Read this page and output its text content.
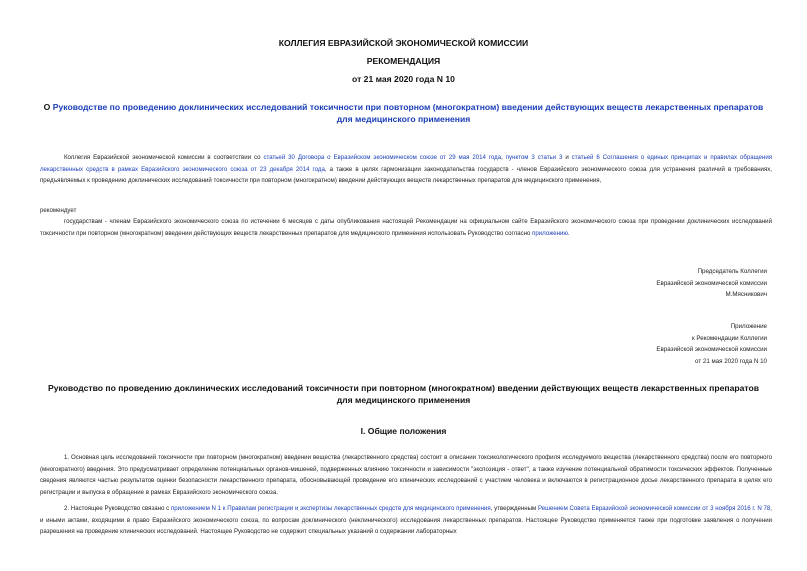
КОЛЛЕГИЯ ЕВРАЗИЙСКОЙ ЭКОНОМИЧЕСКОЙ КОМИССИИ
РЕКОМЕНДАЦИЯ
от 21 мая 2020 года N 10
О Руководстве по проведению доклинических исследований токсичности при повторном (многократном) введении действующих веществ лекарственных препаратов для медицинского применения
Коллегия Евразийской экономической комиссии в соответствии со статьей 30 Договора о Евразийском экономическом союзе от 29 мая 2014 года, пунктом 3 статьи 3 и статьей 6 Соглашения о единых принципах и правилах обращения лекарственных средств в рамках Евразийского экономического союза от 23 декабря 2014 года, а также в целях гармонизации законодательства государств - членов Евразийского экономического союза для устранения различий в требованиях, предъявляемых к проведению доклинических исследований токсичности при повторном (многократном) введении действующих веществ лекарственных препаратов для медицинского применения,
рекомендует
государствам - членам Евразийского экономического союза по истечении 6 месяцев с даты опубликования настоящей Рекомендации на официальном сайте Евразийского экономического союза при проведении доклинических исследований токсичности при повторном (многократном) введении действующих веществ лекарственных препаратов для медицинского применения использовать Руководство согласно приложению.
Председатель Коллегии
Евразийской экономической комиссии
М.Мясникович
Приложение
к Рекомендации Коллегии
Евразийской экономической комиссии
от 21 мая 2020 года N 10
Руководство по проведению доклинических исследований токсичности при повторном (многократном) введении действующих веществ лекарственных препаратов для медицинского применения
I. Общие положения
1. Основная цель исследований токсичности при повторном (многократном) введении вещества (лекарственного средства) состоит в описании токсикологического профиля исследуемого вещества (лекарственного средства) после его повторного (многократного) введения. Это предусматривает определение потенциальных органов-мишеней, подверженных влиянию токсичности и зависимости "экспозиция - ответ", а также изучение потенциальной обратимости токсических эффектов. Полученные сведения являются частью результатов оценки безопасности лекарственного препарата, обосновывающей проведение его клинических исследований с участием человека и включаются в регистрационное досье лекарственного препарата в целях его регистрации и выпуска в обращение в рамках Евразийского экономического союза.
2. Настоящее Руководство связано с приложением N 1 к Правилам регистрации и экспертизы лекарственных средств для медицинского применения, утвержденным Решением Совета Евразийской экономической комиссии от 3 ноября 2016 г. N 78, и иными актами, входящими в право Евразийского экономического союза, по вопросам доклинического (неклинического) исследования лекарственных препаратов. Настоящее Руководство применяется также при подготовке заявления о получении разрешения на проведение клинических исследований. Настоящее Руководство не содержит специальных указаний о содержании лабораторных
